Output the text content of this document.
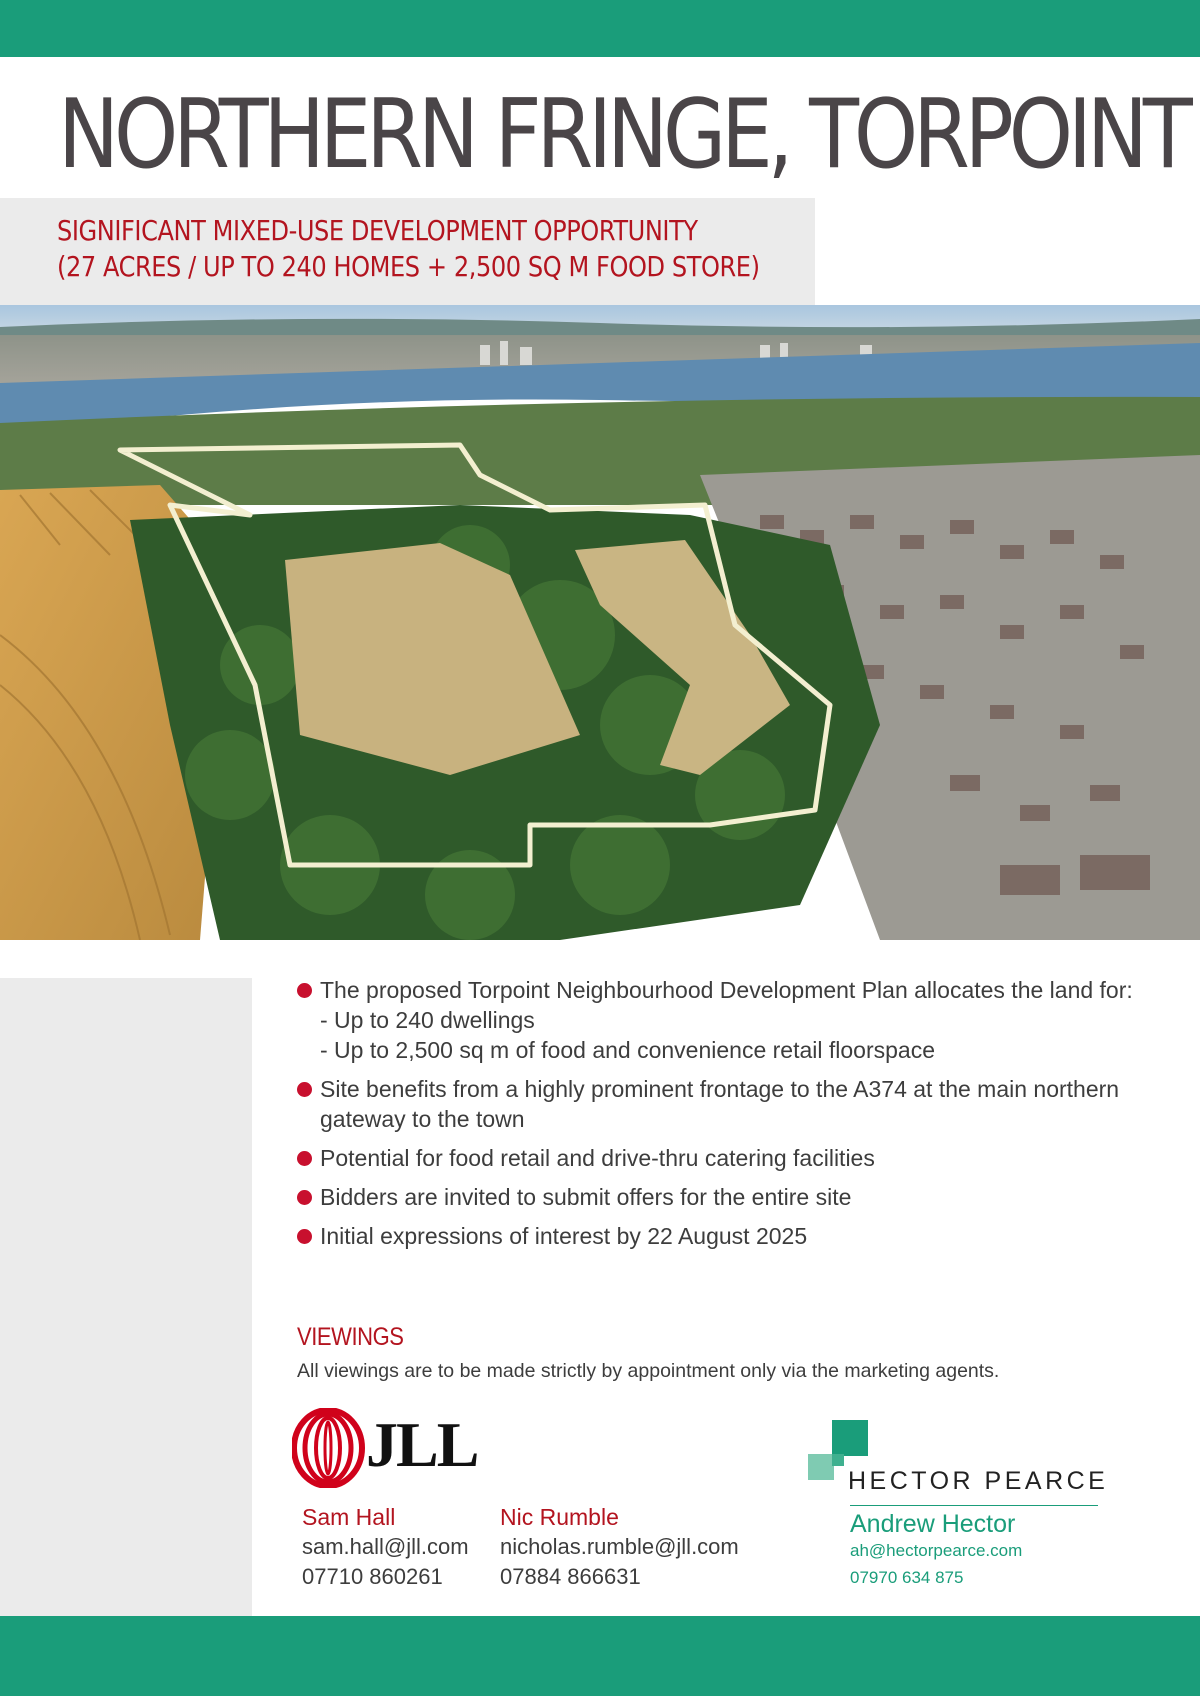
NORTHERN FRINGE, TORPOINT
SIGNIFICANT MIXED-USE DEVELOPMENT OPPORTUNITY
(27 ACRES / UP TO 240 HOMES + 2,500 SQ M FOOD STORE)
The proposed Torpoint Neighbourhood Development Plan allocates the land for:
- Up to 240 dwellings
- Up to 2,500 sq m of food and convenience retail floorspace
Site benefits from a highly prominent frontage to the A374 at the main northern gateway to the town
Potential for food retail and drive-thru catering facilities
Bidders are invited to submit offers for the entire site
Initial expressions of interest by 22 August 2025
VIEWINGS
All viewings are to be made strictly by appointment only via the marketing agents.
JLL
Sam Hall
sam.hall@jll.com
07710 860261
Nic Rumble
nicholas.rumble@jll.com
07884 866631
HECTOR PEARCE
Andrew Hector
ah@hectorpearce.com
07970 634 875
